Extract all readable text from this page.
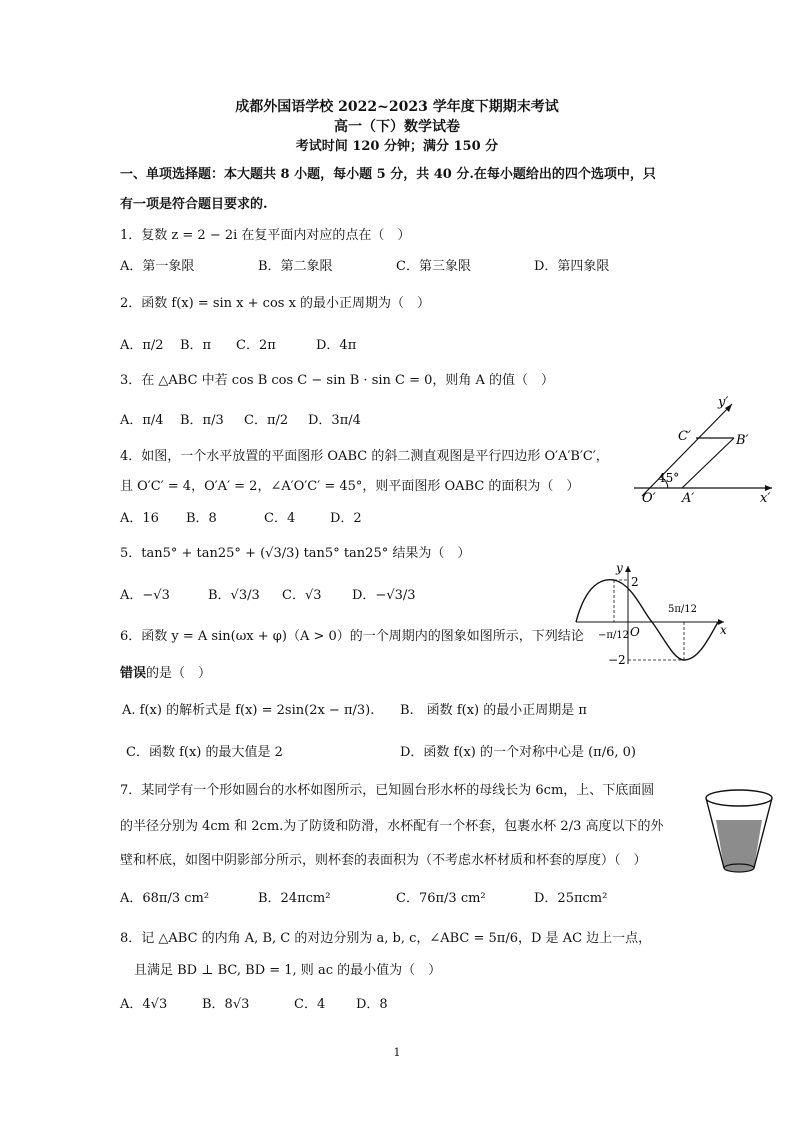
成都外国语学校 2022~2023 学年度下期期末考试
高一（下）数学试卷
考试时间 120 分钟；满分 150 分
一、单项选择题：本大题共 8 小题，每小题 5 分，共 40 分.在每小题给出的四个选项中，只
有一项是符合题目要求的.
1．复数 z = 2 − 2i 在复平面内对应的点在（　）
A．第一象限	B．第二象限	C．第三象限	D．第四象限
2．函数 f(x) = sin x + cos x 的最小正周期为（　）
A．π/2 B．π C．2π	D．4π
3．在 △ABC 中若 cos B cos C − sin B · sin C = 0，则角 A 的值（　）
A．π/4 B．π/3 C．π/2 D．3π/4
y′
x′
O′ A′
B′
C′
45°
4．如图，一个水平放置的平面图形 OABC 的斜二测直观图是平行四边形 O′A′B′C′，
且 O′C′ = 4，O′A′ = 2，∠A′O′C′ = 45°，则平面图形 OABC 的面积为（　）
A．16 B．8	C．4	D．2
5．tan5° + tan25° + (√3/3) tan5° tan25° 结果为（　）
A．−√3	B．√3/3 C．√3 D．−√3/3
y
x
O
2
−2
−π/12
5π/12
6．函数 y = A sin(ωx + φ)（A > 0）的一个周期内的图象如图所示，下列结论
错误的是（　）
A. f(x) 的解析式是 f(x) = 2sin(2x − π/3). B.　函数 f(x) 的最小正周期是 π
C．函数 f(x) 的最大值是 2	D．函数 f(x) 的一个对称中心是 (π/6, 0)
7．某同学有一个形如圆台的水杯如图所示，已知圆台形水杯的母线长为 6cm，上、下底面圆
的半径分别为 4cm 和 2cm.为了防烫和防滑，水杯配有一个杯套，包裹水杯 2/3 高度以下的外
壁和杯底，如图中阴影部分所示，则杯套的表面积为（不考虑水杯材质和杯套的厚度）（　）
A．68π/3 cm²	B．24πcm²	C．76π/3 cm²	D．25πcm²
8．记 △ABC 的内角 A, B, C 的对边分别为 a, b, c，∠ABC = 5π/6，D 是 AC 边上一点，
且满足 BD ⊥ BC, BD = 1, 则 ac 的最小值为（　）
A．4√3	B．8√3	C．4 D．8
1
